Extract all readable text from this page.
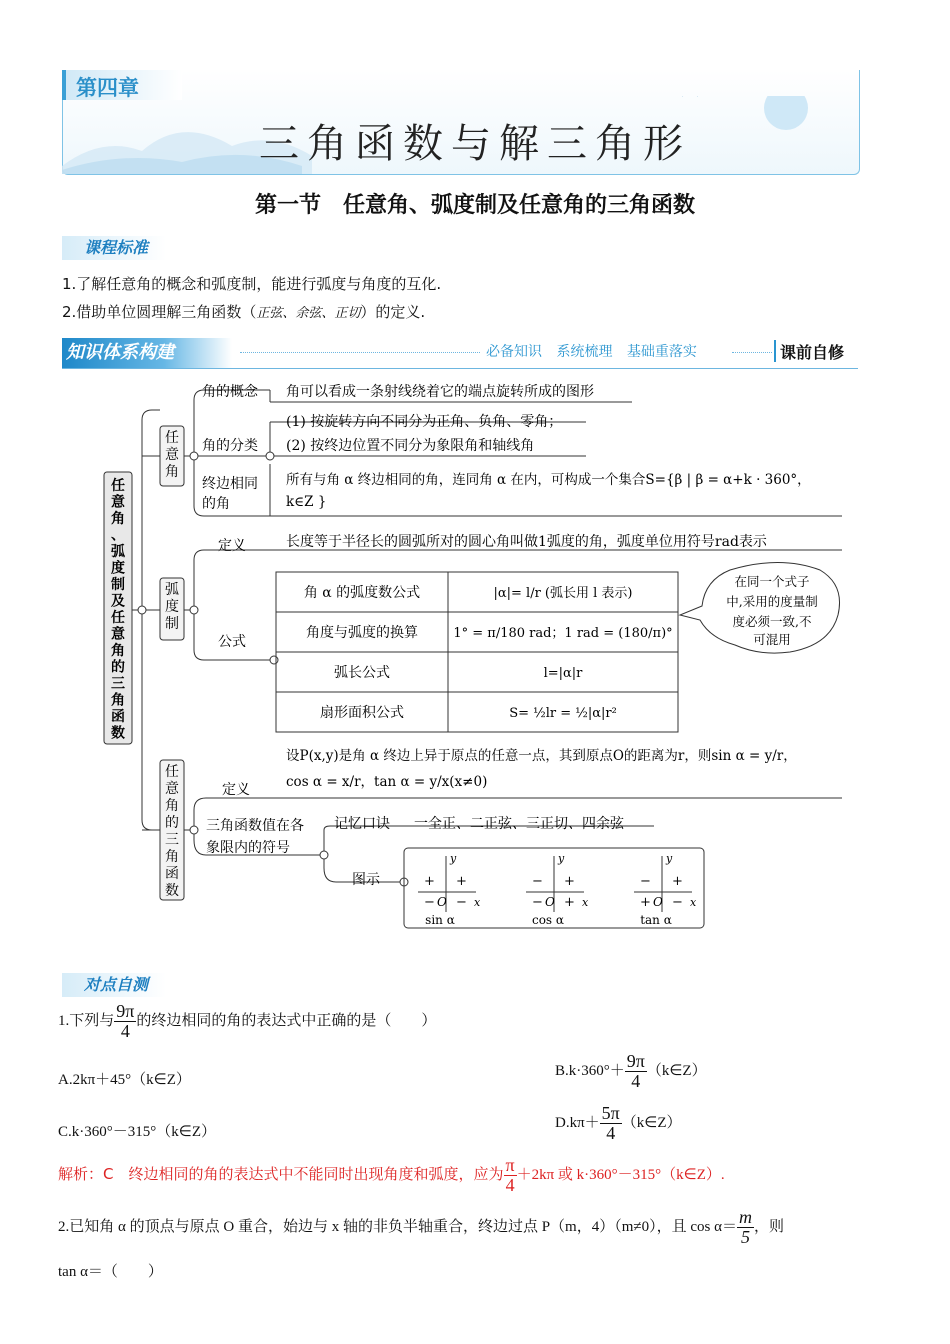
第四章
三角函数与解三角形
第一节　任意角、弧度制及任意角的三角函数
课程标准
1.了解任意角的概念和弧度制，能进行弧度与角度的互化.
2.借助单位圆理解三角函数（正弦、余弦、正切）的定义.
知识体系构建	必备知识 系统梳理 基础重落实	课前自修
任意角、弧度制及任意角的三角函数
任意角
弧度制
任意角的三角函数
角的概念 角可以看成一条射线绕着它的端点旋转所成的图形
角的分类
(1) 按旋转方向不同分为正角、负角、零角；
(2) 按终边位置不同分为象限角和轴线角
终边相同
的角
所有与角 α 终边相同的角，连同角 α 在内，可构成一个集合S={β | β = α+k · 360°，
k∈Z }
定义	长度等于半径长的圆弧所对的圆心角叫做1弧度的角，弧度单位用符号rad表示
公式
角 α 的弧度数公式	|α|= l/r (弧长用 l 表示)
角度与弧度的换算	1° = π/180 rad；1 rad = (180/π)°
弧长公式	l=|α|r
扇形面积公式	S= ½lr = ½|α|r²
在同一个式子
中,采用的度量制
度必须一致,不
可混用
设P(x,y)是角 α 终边上异于原点的任意一点，其到原点O的距离为r，则sin α = y/r，
cos α = x/r，tan α = y/x(x≠0)
定义
三角函数值在各
象限内的符号
记忆口诀 一全正、二正弦、三正切、四余弦
图示
y
x
O
+
+
− −
sin α
y
x
O
+
−
− +
cos α
y
x
O
+
−
+ −
tan α
对点自测
1.下列与 $\frac{9\pi}{4}$ 的终边相同的角的表达式中正确的是（　　）
A.2kπ＋45°（k∈Z）
$B.k\cdot 360^\circ+ \frac{9\pi}{4}$ （k∈Z）
C.k·360°－315°（k∈Z）
$D.k\pi+ \frac{5\pi}{4}$ （k∈Z）
解析：C　 终边相同的角的表达式中不能同时出现角度和弧度，应为 $\frac{\pi}{4} +2k\pi$ 或 k·360°－315°（k∈Z）.
2.已知角 α 的顶点与原点 O 重合，始边与 x 轴的非负半轴重合，终边过点 P（m，4）（m≠0），且 $\cos \alpha= \frac{m}{5}$ ，则
tan α＝（　　）
